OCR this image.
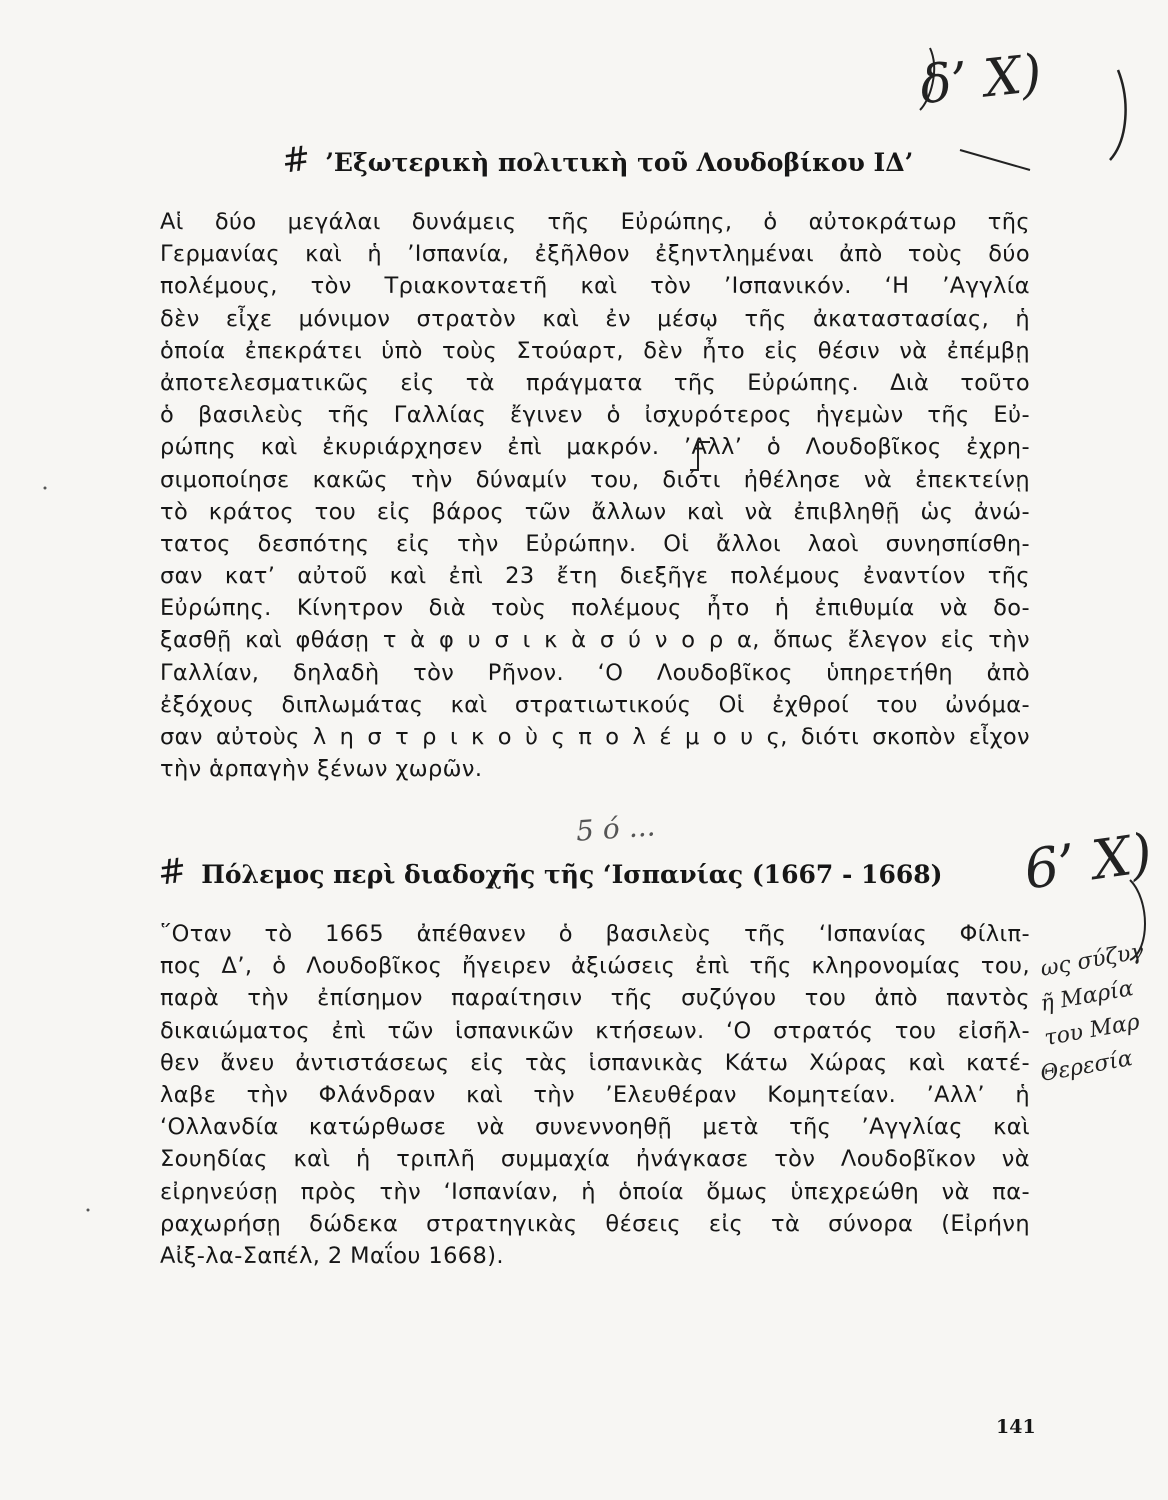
# ’Εξωτερικὴ πολιτικὴ τοῦ Λουδοβίκου ΙΔ’
Αἱ δύο μεγάλαι δυνάμεις τῆς Εὐρώπης, ὁ αὐτοκράτωρ τῆς
Γερμανίας καὶ ἡ ’Ισπανία, ἐξῆλθον ἐξηντλημέναι ἀπὸ τοὺς δύο
πολέμους, τὸν Τριακονταετῆ καὶ τὸν ’Ισπανικόν. ‘Η ’Αγγλία
δὲν εἶχε μόνιμον στρατὸν καὶ ἐν μέσῳ τῆς ἀκαταστασίας, ἡ
ὁποία ἐπεκράτει ὑπὸ τοὺς Στούαρτ, δὲν ἦτο εἰς θέσιν νὰ ἐπέμβῃ
ἀποτελεσματικῶς εἰς τὰ πράγματα τῆς Εὐρώπης. Διὰ τοῦτο
ὁ βασιλεὺς τῆς Γαλλίας ἔγινεν ὁ ἰσχυρότερος ἡγεμὼν τῆς Εὐ-
ρώπης καὶ ἐκυριάρχησεν ἐπὶ μακρόν. ’Αλλ’ ὁ Λουδοβῖκος ἐχρη-
σιμοποίησε κακῶς τὴν δύναμίν του, διότι ἠθέλησε νὰ ἐπεκτείνῃ
τὸ κράτος του εἰς βάρος τῶν ἄλλων καὶ νὰ ἐπιβληθῇ ὡς ἀνώ-
τατος δεσπότης εἰς τὴν Εὐρώπην. Οἱ ἄλλοι λαοὶ συνησπίσθη-
σαν κατ’ αὐτοῦ καὶ ἐπὶ 23 ἔτη διεξῆγε πολέμους ἐναντίον τῆς
Εὐρώπης. Κίνητρον διὰ τοὺς πολέμους ἦτο ἡ ἐπιθυμία νὰ δο-
ξασθῇ καὶ φθάσῃ τ ὰ φ υ σ ι κ ὰ σ ύ ν ο ρ α, ὅπως ἔλεγον εἰς τὴν
Γαλλίαν, δηλαδὴ τὸν Ρῆνον. ‘Ο Λουδοβῖκος ὑπηρετήθη ἀπὸ
ἐξόχους διπλωμάτας καὶ στρατιωτικούς Οἱ ἐχθροί του ὠνόμα-
σαν αὐτοὺς λ η σ τ ρ ι κ ο ὺ ς π ο λ έ μ ο υ ς, διότι σκοπὸν εἶχον
τὴν ἁρπαγὴν ξένων χωρῶν.
# Πόλεμος περὶ διαδοχῆς τῆς ‘Ισπανίας (1667 - 1668)
῞Οταν τὸ 1665 ἀπέθανεν ὁ βασιλεὺς τῆς ‘Ισπανίας Φίλιπ-
πος Δ’, ὁ Λουδοβῖκος ἤγειρεν ἀξιώσεις ἐπὶ τῆς κληρονομίας του,
παρὰ τὴν ἐπίσημον παραίτησιν τῆς συζύγου του ἀπὸ παντὸς
δικαιώματος ἐπὶ τῶν ἱσπανικῶν κτήσεων. ‘Ο στρατός του εἰσῆλ-
θεν ἄνευ ἀντιστάσεως εἰς τὰς ἱσπανικὰς Κάτω Χώρας καὶ κατέ-
λαβε τὴν Φλάνδραν καὶ τὴν ’Ελευθέραν Κομητείαν. ’Αλλ’ ἡ
‘Ολλανδία κατώρθωσε νὰ συνεννοηθῇ μετὰ τῆς ’Αγγλίας καὶ
Σουηδίας καὶ ἡ τριπλῆ συμμαχία ἠνάγκασε τὸν Λουδοβῖκον νὰ
εἰρηνεύσῃ πρὸς τὴν ‘Ισπανίαν, ἡ ὁποία ὅμως ὑπεχρεώθη νὰ πα-
ραχωρήσῃ δώδεκα στρατηγικὰς θέσεις εἰς τὰ σύνορα (Εἰρήνη
Αἰξ-λα-Σαπέλ, 2 Μαΐου 1668).
141
δ’ Χ)
5 ό ...	6’ Χ)
ως σύζυγ
ῆ Μαρία
του Μαρ
Θερεσία
